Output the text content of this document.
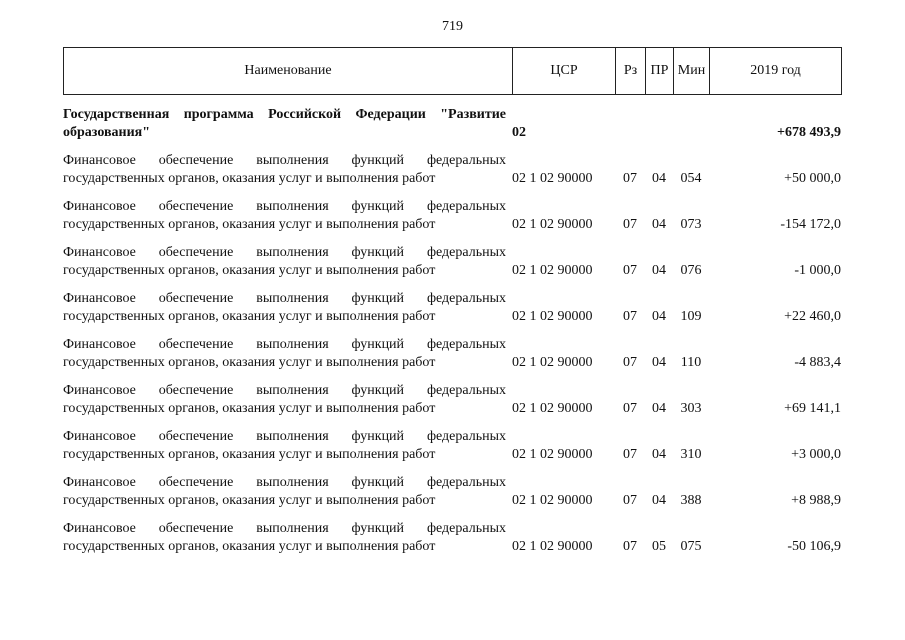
719
Наименование	ЦСР	Рз	ПР	Мин	2019 год
Государственная программа Российской Федерации "Развитие
образования"	02				+678 493,9

Финансовое обеспечение выполнения функций федеральных
государственных органов, оказания услуг и выполнения работ	02 1 02 90000	07	04	054	+50 000,0

Финансовое обеспечение выполнения функций федеральных
государственных органов, оказания услуг и выполнения работ	02 1 02 90000	07	04	073	-154 172,0

Финансовое обеспечение выполнения функций федеральных
государственных органов, оказания услуг и выполнения работ	02 1 02 90000	07	04	076	-1 000,0

Финансовое обеспечение выполнения функций федеральных
государственных органов, оказания услуг и выполнения работ	02 1 02 90000	07	04	109	+22 460,0

Финансовое обеспечение выполнения функций федеральных
государственных органов, оказания услуг и выполнения работ	02 1 02 90000	07	04	110	-4 883,4

Финансовое обеспечение выполнения функций федеральных
государственных органов, оказания услуг и выполнения работ	02 1 02 90000	07	04	303	+69 141,1

Финансовое обеспечение выполнения функций федеральных
государственных органов, оказания услуг и выполнения работ	02 1 02 90000	07	04	310	+3 000,0

Финансовое обеспечение выполнения функций федеральных
государственных органов, оказания услуг и выполнения работ	02 1 02 90000	07	04	388	+8 988,9

Финансовое обеспечение выполнения функций федеральных
государственных органов, оказания услуг и выполнения работ	02 1 02 90000	07	05	075	-50 106,9
